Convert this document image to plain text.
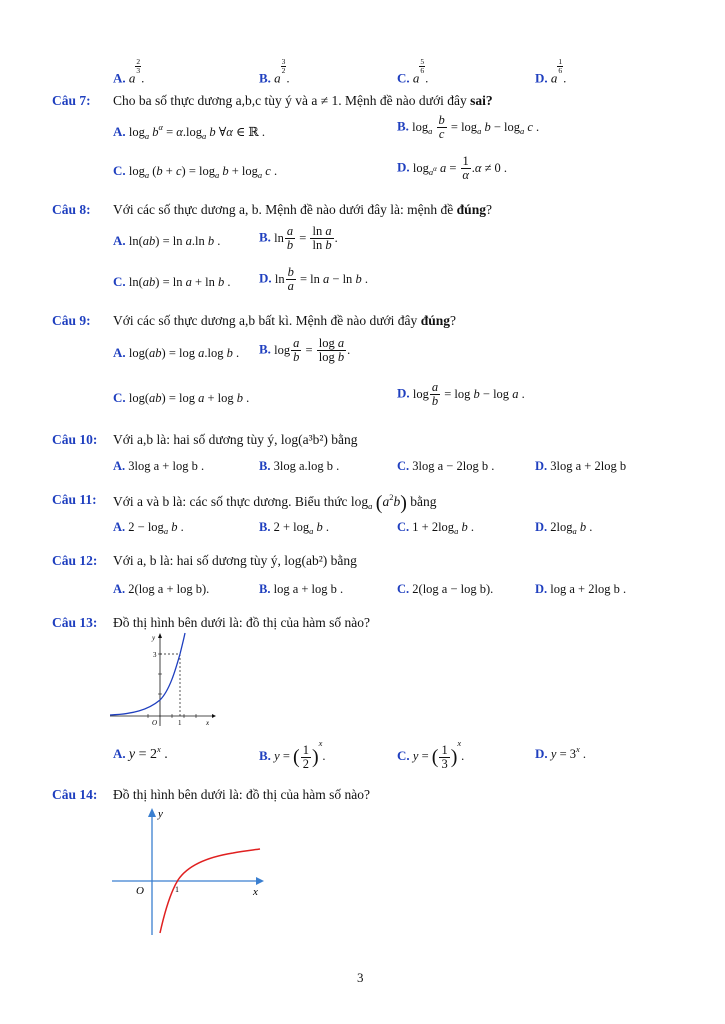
A. a
$\frac{2}{3}$
.	B. a
$\frac{3}{2}$
.	C. a
$\frac{5}{6}$
.	D. a
$\frac{1}{6}$
.
Câu 7: Cho ba số thực dương a,b,c tùy ý và a ≠ 1. Mệnh đề nào dưới đây sai?
A. $\log_a b^\alpha = \alpha.\log_a$ b ∀α ∈ ℝ .	B. $\log_a \frac{b}{c} = \log_a b - \log_a c$ .
C. $\log_a (b + c) = \log_a b + \log_a c$ .	D. $\log_{a^\alpha} a = \frac{1}{\alpha} .\alpha \ne 0$ .
Câu 8: Với các số thực dương a, b. Mệnh đề nào dưới đây là: mệnh đề đúng?
A. ln(ab) = ln a.ln b .	B. $\ln \frac{a}{b} = \frac{\text{ln a}}{\text{ln b}}$ .
C. ln(ab) = ln a + ln b . D. $\ln \frac{b}{a} = \ln a - \ln b$ .
Câu 9: Với các số thực dương a,b bất kì. Mệnh đề nào dưới đây đúng?
A. log(ab) = log a.log b . B. $\log \frac{a}{b} = \frac{\text{log a}}{\text{log b}}$ .
C. log(ab) = log a + log b .	D. $\log \frac{a}{b} = \log b - \log a$ .
Câu 10: Với a,b là: hai số dương tùy ý, log(a³b²) bằng
A. 3log a + log b .	B. 3log a.log b .	C. 3log a − 2log b .	D. 3log a + 2log b
Câu 11: Với a và b là: các số thực dương. Biểu thức $\log_a (a^2b)$ bằng
A. $2 - \log_a b$ .	B. $2 + \log_a b$ .	C. $1 + 2\log_a$ b .	D. $2\log_a$ b .
Câu 12: Với a, b là: hai số dương tùy ý, log(ab²) bằng
A. 2(log a + log b).	B. log a + log b .	C. 2(log a − log b).	D. log a + 2log b .
Câu 13: Đồ thị hình bên dưới là: đồ thị của hàm số nào?
y
x
O	1
3
A. $y = 2^x$ .	B. y = ( $\frac{1}{2} )^x$.	C. y = ( $\frac{1}{3} )^x$.	D. $y = 3^x$ .
Câu 14: Đồ thị hình bên dưới là: đồ thị của hàm số nào?
y
x
O	1
3
